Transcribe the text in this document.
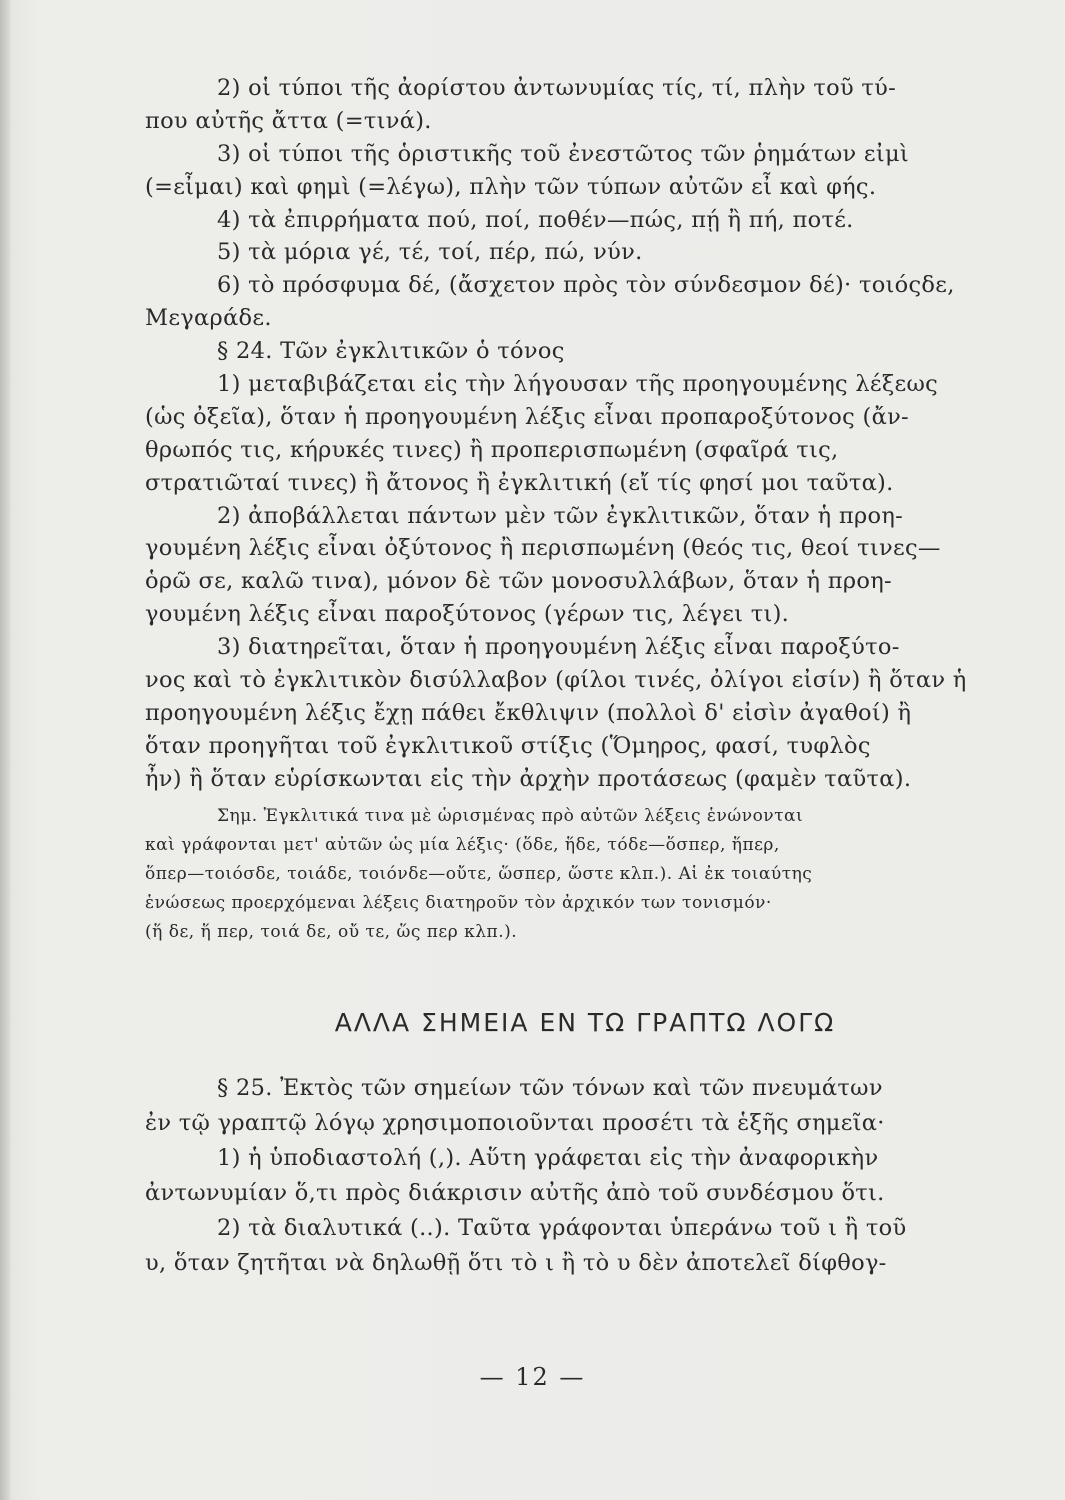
2) οἱ τύποι τῆς ἀορίστου ἀντωνυμίας τίς, τί, πλὴν τοῦ τύ-
που αὐτῆς ἄττα (=τινά).
3) οἱ τύποι τῆς ὁριστικῆς τοῦ ἐνεστῶτος τῶν ῥημάτων εἰμὶ
(=εἶμαι) καὶ φημὶ (=λέγω), πλὴν τῶν τύπων αὐτῶν εἶ καὶ φής.
4) τὰ ἐπιρρήματα πού, ποί, ποθέν—πώς, πῄ ἢ πή, ποτέ.
5) τὰ μόρια γέ, τέ, τοί, πέρ, πώ, νύν.
6) τὸ πρόσφυμα δέ, (ἄσχετον πρὸς τὸν σύνδεσμον δέ)· τοιόςδε,
Μεγαράδε.
§ 24. Τῶν ἐγκλιτικῶν ὁ τόνος
1) μεταβιβάζεται εἰς τὴν λήγουσαν τῆς προηγουμένης λέξεως
(ὡς ὀξεῖα), ὅταν ἡ προηγουμένη λέξις εἶναι προπαροξύτονος (ἄν-
θρωπός τις, κήρυκές τινες) ἢ προπερισπωμένη (σφαῖρά τις,
στρατιῶταί τινες) ἢ ἄτονος ἢ ἐγκλιτική (εἴ τίς φησί μοι ταῦτα).
2) ἀποβάλλεται πάντων μὲν τῶν ἐγκλιτικῶν, ὅταν ἡ προη-
γουμένη λέξις εἶναι ὀξύτονος ἢ περισπωμένη (θεός τις, θεοί τινες—
ὁρῶ σε, καλῶ τινα), μόνον δὲ τῶν μονοσυλλάβων, ὅταν ἡ προη-
γουμένη λέξις εἶναι παροξύτονος (γέρων τις, λέγει τι).
3) διατηρεῖται, ὅταν ἡ προηγουμένη λέξις εἶναι παροξύτο-
νος καὶ τὸ ἐγκλιτικὸν δισύλλαβον (φίλοι τινές, ὀλίγοι εἰσίν) ἢ ὅταν ἡ
προηγουμένη λέξις ἔχῃ πάθει ἔκθλιψιν (πολλοὶ δ' εἰσὶν ἀγαθοί) ἢ
ὅταν προηγῆται τοῦ ἐγκλιτικοῦ στίξις (Ὅμηρος, φασί, τυφλὸς
ἦν) ἢ ὅταν εὑρίσκωνται εἰς τὴν ἀρχὴν προτάσεως (φαμὲν ταῦτα).
Σημ. Ἐγκλιτικά τινα μὲ ὡρισμένας πρὸ αὐτῶν λέξεις ἑνώνονται
καὶ γράφονται μετ' αὐτῶν ὡς μία λέξις· (ὅδε, ἥδε, τόδε—ὅσπερ, ἥπερ,
ὅπερ—τοιόσδε, τοιάδε, τοιόνδε—οὔτε, ὥσπερ, ὥστε κλπ.). Αἱ ἐκ τοιαύτης
ἑνώσεως προερχόμεναι λέξεις διατηροῦν τὸν ἀρχικόν των τονισμόν·
(ἥ δε, ἥ περ, τοιά δε, οὔ τε, ὥς περ κλπ.).
ΑΛΛΑ ΣΗΜΕΙΑ ΕΝ ΤΩ ΓΡΑΠΤΩ ΛΟΓΩ
§ 25. Ἐκτὸς τῶν σημείων τῶν τόνων καὶ τῶν πνευμάτων
ἐν τῷ γραπτῷ λόγῳ χρησιμοποιοῦνται προσέτι τὰ ἑξῆς σημεῖα·
1) ἡ ὑποδιαστολή (,). Αὕτη γράφεται εἰς τὴν ἀναφορικὴν
ἀντωνυμίαν ὅ,τι πρὸς διάκρισιν αὐτῆς ἀπὸ τοῦ συνδέσμου ὅτι.
2) τὰ διαλυτικά (..). Ταῦτα γράφονται ὑπεράνω τοῦ ι ἢ τοῦ
υ, ὅταν ζητῆται νὰ δηλωθῇ ὅτι τὸ ι ἢ τὸ υ δὲν ἀποτελεῖ δίφθογ-
— 12 —
